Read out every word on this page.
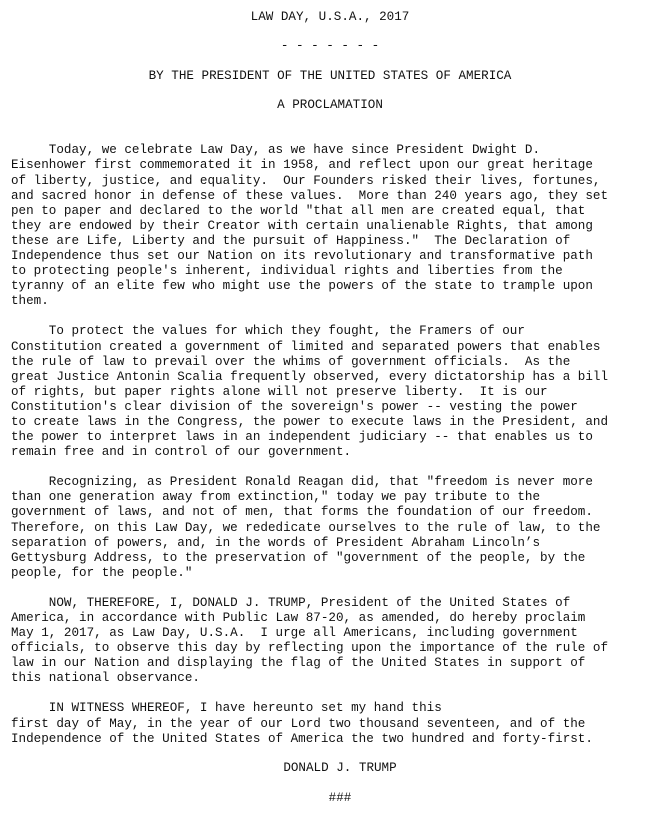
LAW DAY, U.S.A., 2017
- - - - - - -
BY THE PRESIDENT OF THE UNITED STATES OF AMERICA
A PROCLAMATION
Today, we celebrate Law Day, as we have since President Dwight D.
Eisenhower first commemorated it in 1958, and reflect upon our great heritage
of liberty, justice, and equality.  Our Founders risked their lives, fortunes,
and sacred honor in defense of these values.  More than 240 years ago, they set
pen to paper and declared to the world "that all men are created equal, that
they are endowed by their Creator with certain unalienable Rights, that among
these are Life, Liberty and the pursuit of Happiness."  The Declaration of
Independence thus set our Nation on its revolutionary and transformative path
to protecting people's inherent, individual rights and liberties from the
tyranny of an elite few who might use the powers of the state to trample upon
them.
To protect the values for which they fought, the Framers of our
Constitution created a government of limited and separated powers that enables
the rule of law to prevail over the whims of government officials.  As the
great Justice Antonin Scalia frequently observed, every dictatorship has a bill
of rights, but paper rights alone will not preserve liberty.  It is our
Constitution's clear division of the sovereign's power -- vesting the power
to create laws in the Congress, the power to execute laws in the President, and
the power to interpret laws in an independent judiciary -- that enables us to
remain free and in control of our government.
Recognizing, as President Ronald Reagan did, that "freedom is never more
than one generation away from extinction," today we pay tribute to the
government of laws, and not of men, that forms the foundation of our freedom.
Therefore, on this Law Day, we rededicate ourselves to the rule of law, to the
separation of powers, and, in the words of President Abraham Lincoln’s
Gettysburg Address, to the preservation of "government of the people, by the
people, for the people."
NOW, THEREFORE, I, DONALD J. TRUMP, President of the United States of
America, in accordance with Public Law 87-20, as amended, do hereby proclaim
May 1, 2017, as Law Day, U.S.A.  I urge all Americans, including government
officials, to observe this day by reflecting upon the importance of the rule of
law in our Nation and displaying the flag of the United States in support of
this national observance.
IN WITNESS WHEREOF, I have hereunto set my hand this
first day of May, in the year of our Lord two thousand seventeen, and of the
Independence of the United States of America the two hundred and forty-first.
DONALD J. TRUMP
###
